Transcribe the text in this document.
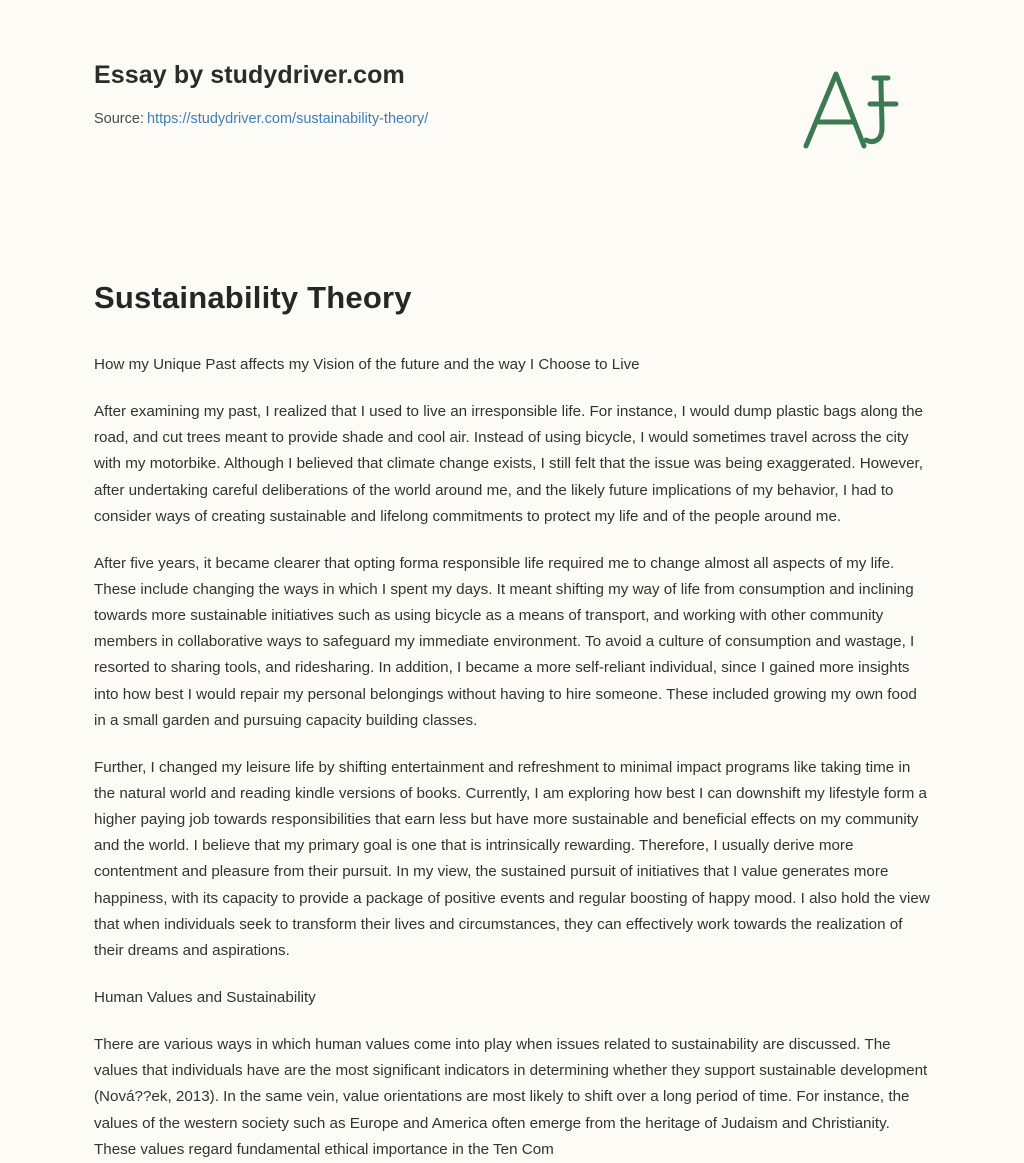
Essay by studydriver.com
Source: https://studydriver.com/sustainability-theory/
Sustainability Theory

How my Unique Past affects my Vision of the future and the way I Choose to Live

After examining my past, I realized that I used to live an irresponsible life. For instance, I would dump plastic bags along the road, and cut trees meant to provide shade and cool air. Instead of using bicycle, I would sometimes travel across the city with my motorbike. Although I believed that climate change exists, I still felt that the issue was being exaggerated. However, after undertaking careful deliberations of the world around me, and the likely future implications of my behavior, I had to consider ways of creating sustainable and lifelong commitments to protect my life and of the people around me.

After five years, it became clearer that opting forma responsible life required me to change almost all aspects of my life. These include changing the ways in which I spent my days. It meant shifting my way of life from consumption and inclining towards more sustainable initiatives such as using bicycle as a means of transport, and working with other community members in collaborative ways to safeguard my immediate environment. To avoid a culture of consumption and wastage, I resorted to sharing tools, and ridesharing. In addition, I became a more self-reliant individual, since I gained more insights into how best I would repair my personal belongings without having to hire someone. These included growing my own food in a small garden and pursuing capacity building classes.

Further, I changed my leisure life by shifting entertainment and refreshment to minimal impact programs like taking time in the natural world and reading kindle versions of books. Currently, I am exploring how best I can downshift my lifestyle form a higher paying job towards responsibilities that earn less but have more sustainable and beneficial effects on my community and the world. I believe that my primary goal is one that is intrinsically rewarding. Therefore, I usually derive more contentment and pleasure from their pursuit. In my view, the sustained pursuit of initiatives that I value generates more happiness, with its capacity to provide a package of positive events and regular boosting of happy mood. I also hold the view that when individuals seek to transform their lives and circumstances, they can effectively work towards the realization of their dreams and aspirations.

Human Values and Sustainability

There are various ways in which human values come into play when issues related to sustainability are discussed. The values that individuals have are the most significant indicators in determining whether they support sustainable development (Nová??ek, 2013). In the same vein, value orientations are most likely to shift over a long period of time. For instance, the values of the western society such as Europe and America often emerge from the heritage of Judaism and Christianity. These values regard fundamental ethical importance in the Ten Com
